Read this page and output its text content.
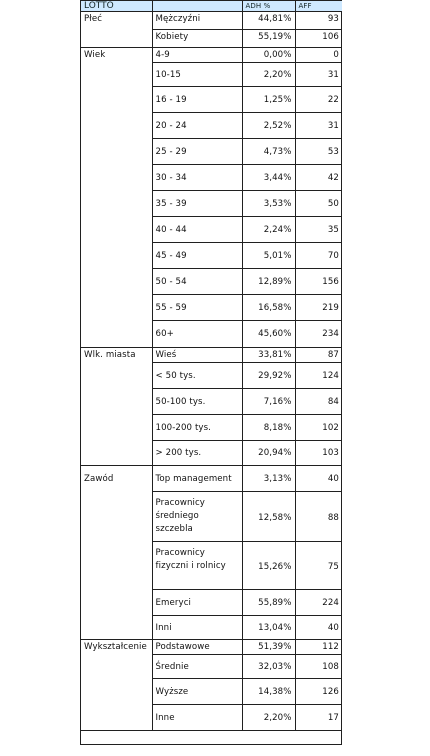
LOTTO		ADH %	AFF
Płeć	Mężczyźni	44,81%	93
	Kobiety	55,19%	106
Wiek	4-9	0,00%	0
	10-15	2,20%	31
	16 - 19	1,25%	22
	20 - 24	2,52%	31
	25 - 29	4,73%	53
	30 - 34	3,44%	42
	35 - 39	3,53%	50
	40 - 44	2,24%	35
	45 - 49	5,01%	70
	50 - 54	12,89%	156
	55 - 59	16,58%	219
	60+	45,60%	234
Wlk. miasta	Wieś	33,81%	87
	< 50 tys.	29,92%	124
	50-100 tys.	7,16%	84
	100-200 tys.	8,18%	102
	> 200 tys.	20,94%	103
Zawód	Top management	3,13%	40
	Pracownicy średniego szczebla	12,58%	88
	Pracownicy fizyczni i rolnicy	15,26%	75
	Emeryci	55,89%	224
	Inni	13,04%	40
Wykształcenie	Podstawowe	51,39%	112
	Średnie	32,03%	108
	Wyższe	14,38%	126
	Inne	2,20%	17
